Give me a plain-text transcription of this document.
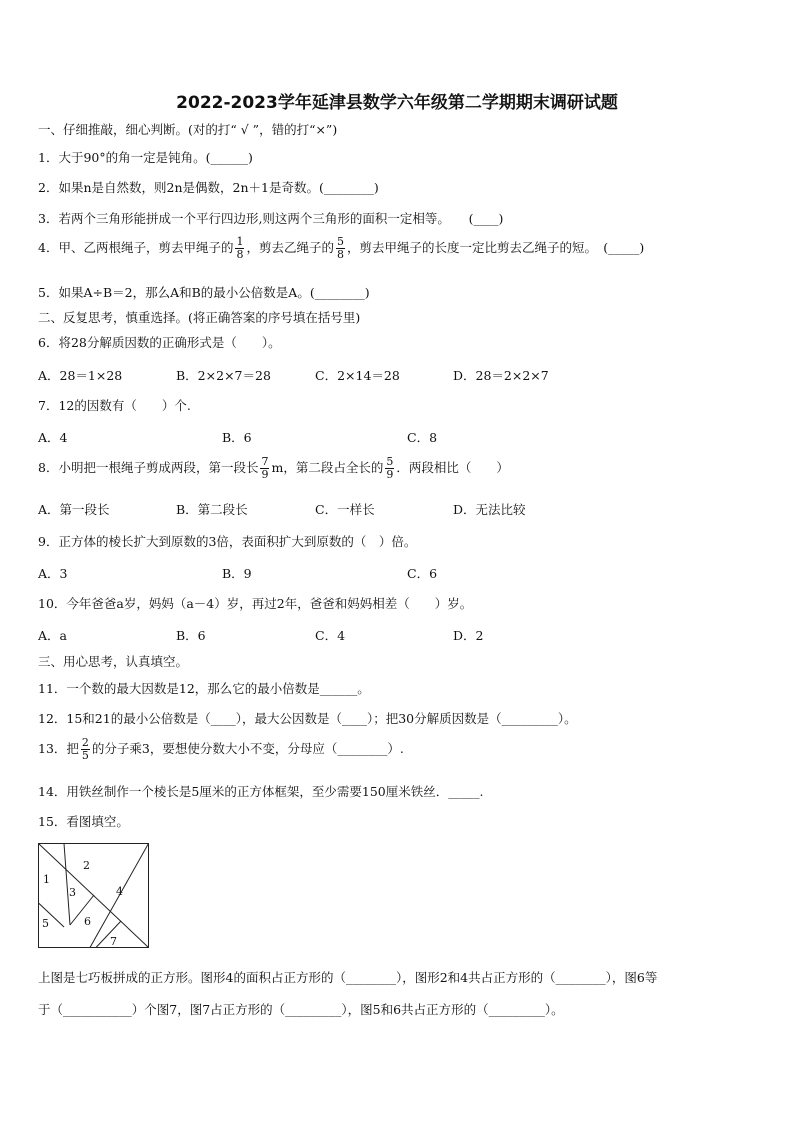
2022-2023学年延津县数学六年级第二学期期末调研试题
一、仔细推敲，细心判断。(对的打“ √ ”，错的打“×”)
1．大于90°的角一定是钝角。(______)
2．如果n是自然数，则2n是偶数，2n＋1是奇数。(________)
3．若两个三角形能拼成一个平行四边形,则这两个三角形的面积一定相等。　　(____)
4．甲、乙两根绳子，剪去甲绳子的 $\frac{1}{8}$ ，剪去乙绳子的 $\frac{5}{8}$ ，剪去甲绳子的长度一定比剪去乙绳子的短。　(_____)
5．如果A÷B＝2，那么A和B的最小公倍数是A。(________)
二、反复思考，慎重选择。(将正确答案的序号填在括号里)
6．将28分解质因数的正确形式是（　　）。
A．28＝1×28	B．2×2×7＝28	C．2×14＝28	D．28＝2×2×7
7．12的因数有（　　）个.
A．4	B．6	C．8
8．小明把一根绳子剪成两段，第一段长 $\frac{7}{9}$ m，第二段占全长的 $\frac{5}{9}$ ．两段相比（　　）
A．第一段长	B．第二段长	C．一样长	D．无法比较
9．正方体的棱长扩大到原数的3倍，表面积扩大到原数的（　）倍。
A．3	B．9	C．6
10．今年爸爸a岁，妈妈（a－4）岁，再过2年，爸爸和妈妈相差（　　）岁。
A．a	B．6	C．4	D．2
三、用心思考，认真填空。
11．一个数的最大因数是12，那么它的最小倍数是______。
12．15和21的最小公倍数是（____），最大公因数是（____）；把30分解质因数是（_________）。
13．把 $\frac{2}{5}$ 的分子乘3，要想使分数大小不变，分母应（________）.
14．用铁丝制作一个棱长是5厘米的正方体框架，至少需要150厘米铁丝．_____.
15．看图填空。
1
2
3	4
5	6
7
上图是七巧板拼成的正方形。图形4的面积占正方形的（________），图形2和4共占正方形的（________），图6等
于（___________）个图7，图7占正方形的（_________），图5和6共占正方形的（_________）。
